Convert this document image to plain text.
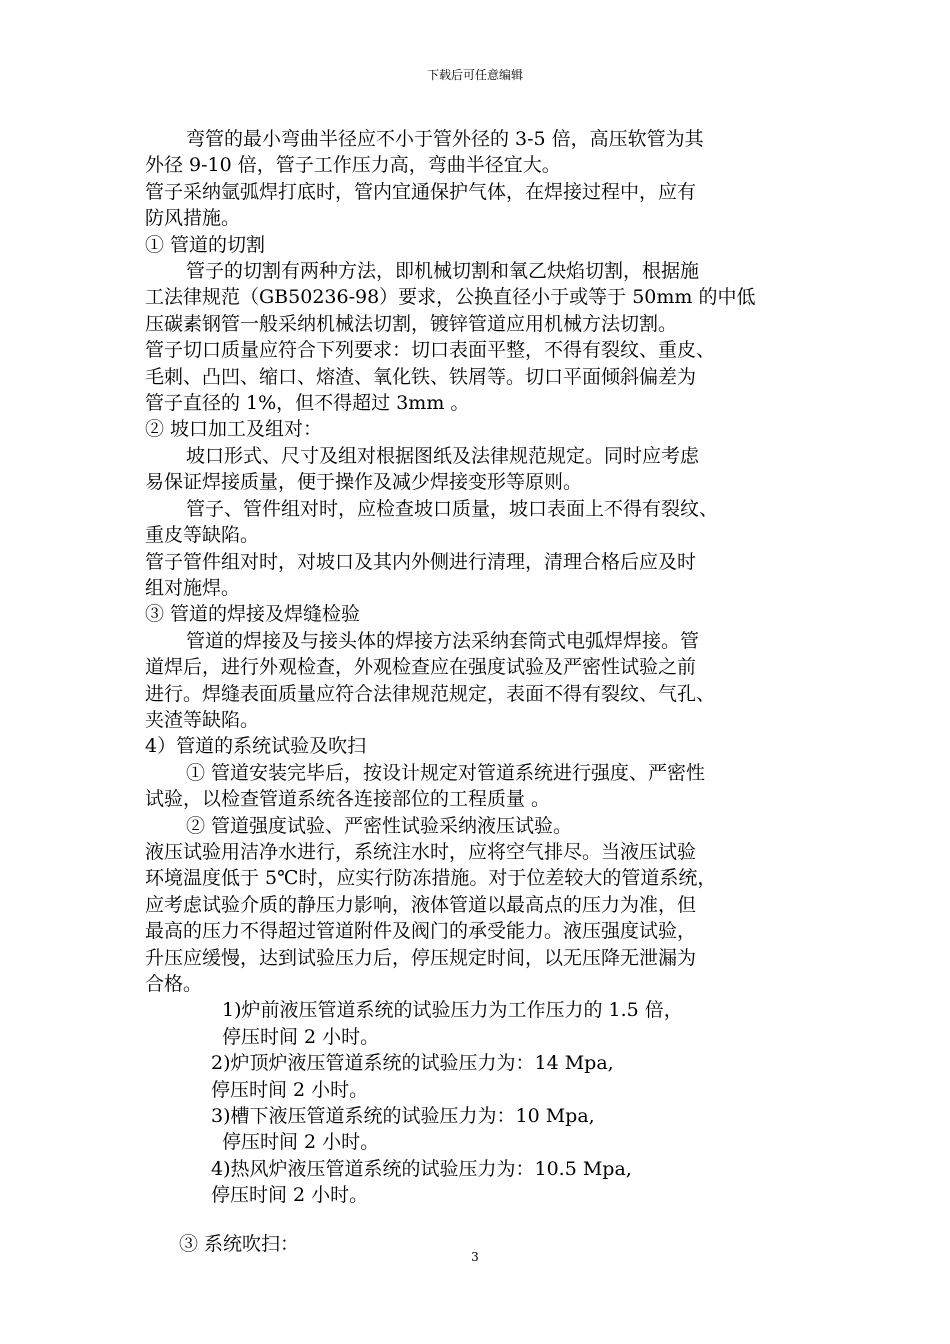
下载后可任意编辑
弯管的最小弯曲半径应不小于管外径的 3-5 倍，高压软管为其
外径 9-10 倍，管子工作压力高，弯曲半径宜大。
管子采纳氩弧焊打底时，管内宜通保护气体，在焊接过程中，应有
防风措施。
① 管道的切割
管子的切割有两种方法，即机械切割和氧乙炔焰切割，根据施
工法律规范（GB50236-98）要求，公换直径小于或等于 50mm 的中低
压碳素钢管一般采纳机械法切割，镀锌管道应用机械方法切割。
管子切口质量应符合下列要求：切口表面平整，不得有裂纹、重皮、
毛刺、凸凹、缩口、熔渣、氧化铁、铁屑等。切口平面倾斜偏差为
管子直径的 1%，但不得超过 3mm 。
② 坡口加工及组对：
坡口形式、尺寸及组对根据图纸及法律规范规定。同时应考虑
易保证焊接质量，便于操作及减少焊接变形等原则。
管子、管件组对时，应检查坡口质量，坡口表面上不得有裂纹、
重皮等缺陷。
管子管件组对时，对坡口及其内外侧进行清理，清理合格后应及时
组对施焊。
③ 管道的焊接及焊缝检验
管道的焊接及与接头体的焊接方法采纳套筒式电弧焊焊接。管
道焊后，进行外观检查，外观检查应在强度试验及严密性试验之前
进行。焊缝表面质量应符合法律规范规定，表面不得有裂纹、气孔、
夹渣等缺陷。
4）管道的系统试验及吹扫
① 管道安装完毕后，按设计规定对管道系统进行强度、严密性
试验，以检查管道系统各连接部位的工程质量 。
② 管道强度试验、严密性试验采纳液压试验。
液压试验用洁净水进行，系统注水时，应将空气排尽。当液压试验
环境温度低于 5℃时，应实行防冻措施。对于位差较大的管道系统，
应考虑试验介质的静压力影响，液体管道以最高点的压力为准，但
最高的压力不得超过管道附件及阀门的承受能力。液压强度试验，
升压应缓慢，达到试验压力后，停压规定时间，以无压降无泄漏为
合格。
1)炉前液压管道系统的试验压力为工作压力的 1.5 倍，
停压时间 2 小时。
2)炉顶炉液压管道系统的试验压力为：14 Mpa,
停压时间 2 小时。
3)槽下液压管道系统的试验压力为：10 Mpa,
停压时间 2 小时。
4)热风炉液压管道系统的试验压力为：10.5 Mpa,
停压时间 2 小时。
③ 系统吹扫：
3
